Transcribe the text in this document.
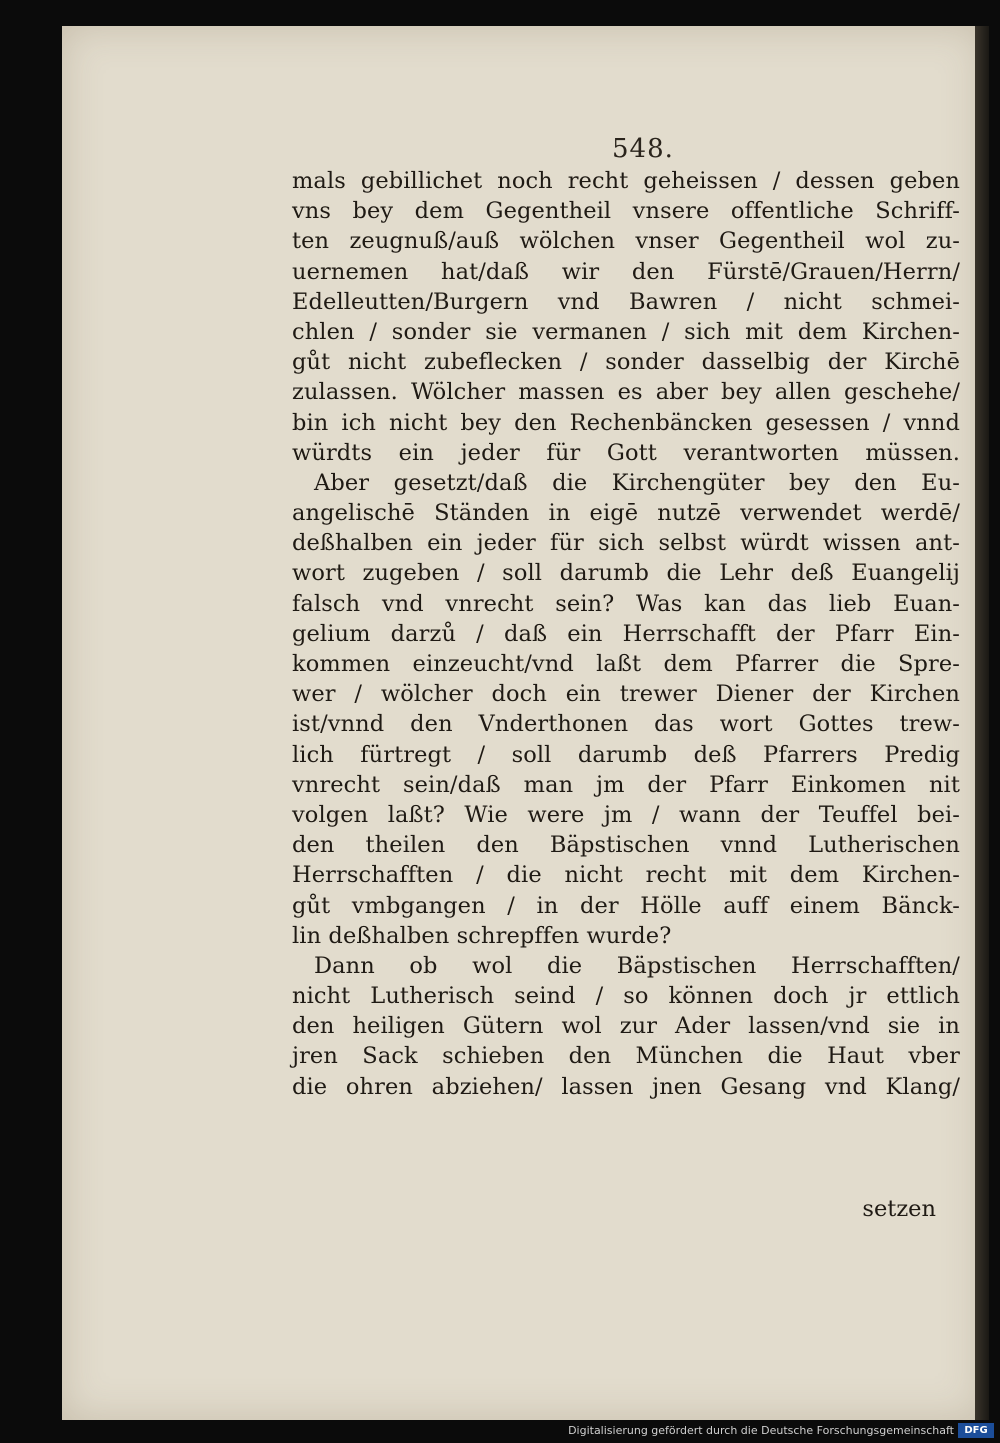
548.
mals gebillichet noch recht geheissen / dessen geben
vns bey dem Gegentheil vnsere offentliche Schriff-
ten zeugnuß/auß wölchen vnser Gegentheil wol zu-
uernemen hat/daß wir den Fürstē/Grauen/Herrn/
Edelleutten/Burgern vnd Bawren / nicht schmei-
chlen / sonder sie vermanen / sich mit dem Kirchen-
gůt nicht zubeflecken / sonder dasselbig der Kirchē
zulassen. Wölcher massen es aber bey allen geschehe/
bin ich nicht bey den Rechenbäncken gesessen / vnnd
würdts ein jeder für Gott verantworten müssen.
Aber gesetzt/daß die Kirchengüter bey den Eu-
angelischē Ständen in eigē nutzē verwendet werdē/
deßhalben ein jeder für sich selbst würdt wissen ant-
wort zugeben / soll darumb die Lehr deß Euangelij
falsch vnd vnrecht sein? Was kan das lieb Euan-
gelium darzů / daß ein Herrschafft der Pfarr Ein-
kommen einzeucht/vnd laßt dem Pfarrer die Spre-
wer / wölcher doch ein trewer Diener der Kirchen
ist/vnnd den Vnderthonen das wort Gottes trew-
lich fürtregt / soll darumb deß Pfarrers Predig
vnrecht sein/daß man jm der Pfarr Einkomen nit
volgen laßt? Wie were jm / wann der Teuffel bei-
den theilen den Bäpstischen vnnd Lutherischen
Herrschafften / die nicht recht mit dem Kirchen-
gůt vmbgangen / in der Hölle auff einem Bänck-
lin deßhalben schrepffen wurde?
Dann ob wol die Bäpstischen Herrschafften/
nicht Lutherisch seind / so können doch jr ettlich
den heiligen Gütern wol zur Ader lassen/vnd sie in
jren Sack schieben den München die Haut vber
die ohren abziehen/ lassen jnen Gesang vnd Klang/
setzen
Digitalisierung gefördert durch die Deutsche Forschungsgemeinschaft	DFG
